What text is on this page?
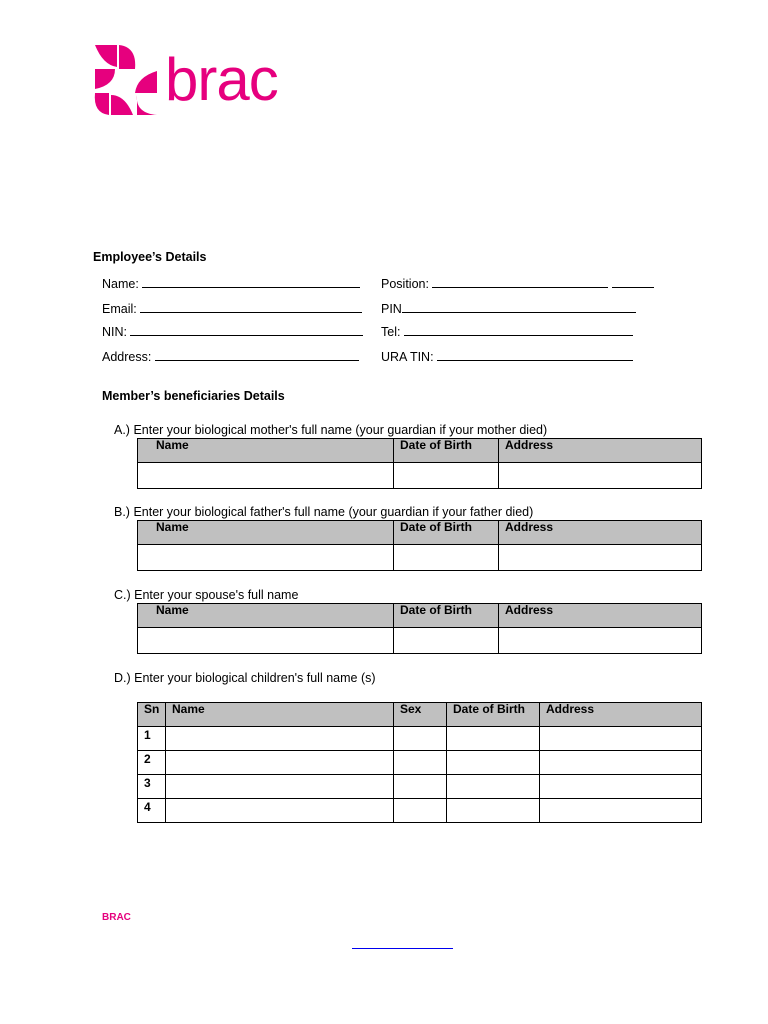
brac
Employee’s Details
Name:
Email:
NIN:
Address:
Position:
PIN
Tel:
URA TIN:
Member’s beneficiaries Details
A.) Enter your biological mother's full name (your guardian if your mother died)
Name	Date of Birth	Address

B.) Enter your biological father's full name (your guardian if your father died)
Name	Date of Birth	Address

C.) Enter your spouse's full name
Name	Date of Birth	Address

D.) Enter your biological children's full name (s)
Sn	Name	Sex	Date of Birth	Address
1				
2				
3				
4				
BRAC
